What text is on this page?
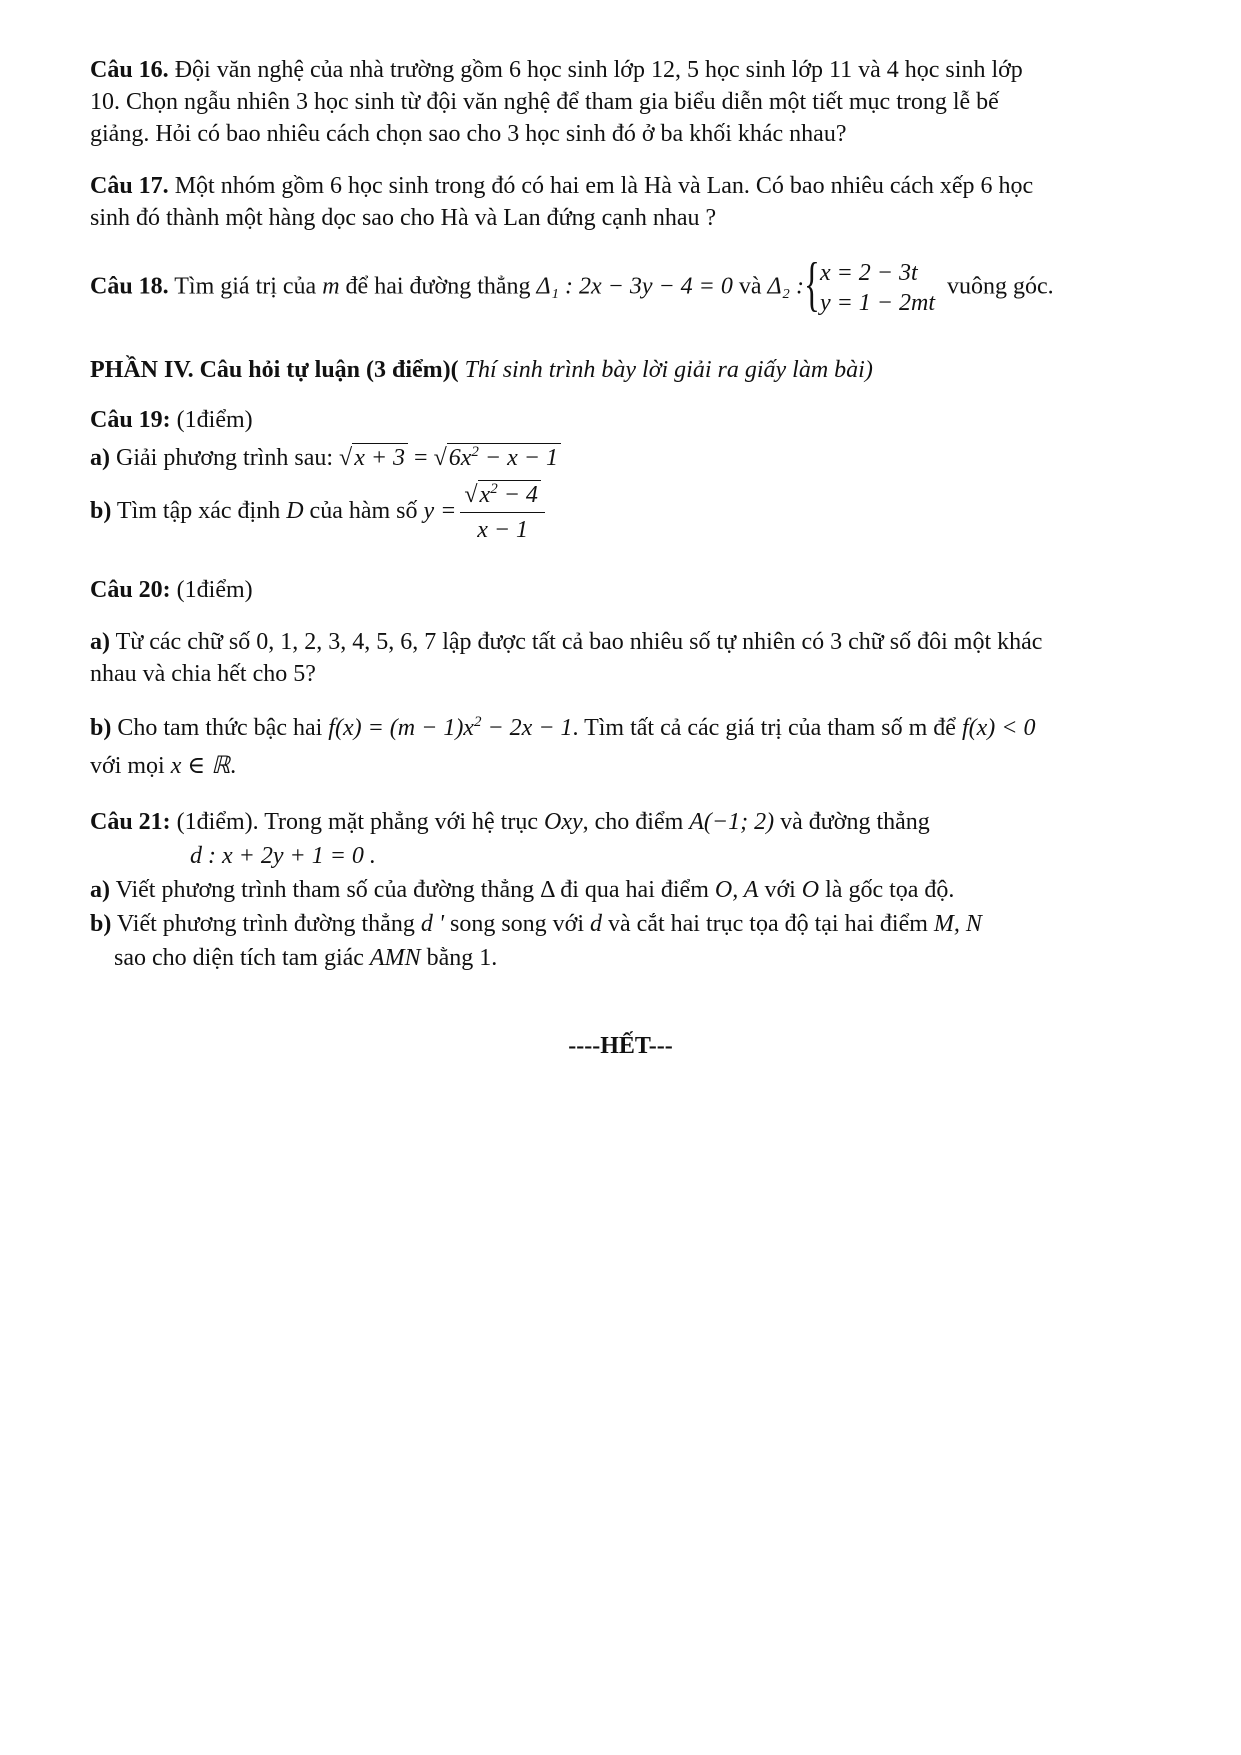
Câu 16. Đội văn nghệ của nhà trường gồm 6 học sinh lớp 12, 5 học sinh lớp 11 và 4 học sinh lớp
10. Chọn ngẫu nhiên 3 học sinh từ đội văn nghệ để tham gia biểu diễn một tiết mục trong lễ bế
giảng. Hỏi có bao nhiêu cách chọn sao cho 3 học sinh đó ở ba khối khác nhau?
Câu 17. Một nhóm gồm 6 học sinh trong đó có hai em là Hà và Lan. Có bao nhiêu cách xếp 6 học
sinh đó thành một hàng dọc sao cho Hà và Lan đứng cạnh nhau ?
Câu 18. Tìm giá trị của m để hai đường thẳng Δ₁ : 2x − 3y − 4 = 0 và Δ₂ : { x = 2 − 3t
y = 1 − 2mt
vuông góc.
PHẦN IV. Câu hỏi tự luận (3 điểm)( Thí sinh trình bày lời giải ra giấy làm bài)
Câu 19: (1điểm)
a) Giải phương trình sau: $√x + 3 = √6x^2 - x - 1$
b) Tìm tập xác định D của hàm số $y = \frac{√x^2 - 4}{x - 1}$
Câu 20: (1điểm)
a) Từ các chữ số 0, 1, 2, 3, 4, 5, 6, 7 lập được tất cả bao nhiêu số tự nhiên có 3 chữ số đôi một khác
nhau và chia hết cho 5?
b) Cho tam thức bậc hai $f(x) = (m - 1)x^2 - 2x - 1$. Tìm tất cả các giá trị của tham số m để f(x) < 0
với mọi x ∈ ℝ.
Câu 21: (1điểm). Trong mặt phẳng với hệ trục Oxy, cho điểm A(−1; 2) và đường thẳng
d : x + 2y + 1 = 0 .
a) Viết phương trình tham số của đường thẳng Δ đi qua hai điểm O, A với O là gốc tọa độ.
b) Viết phương trình đường thẳng d ' song song với d và cắt hai trục tọa độ tại hai điểm M, N
sao cho diện tích tam giác AMN bằng 1.
----HẾT---
